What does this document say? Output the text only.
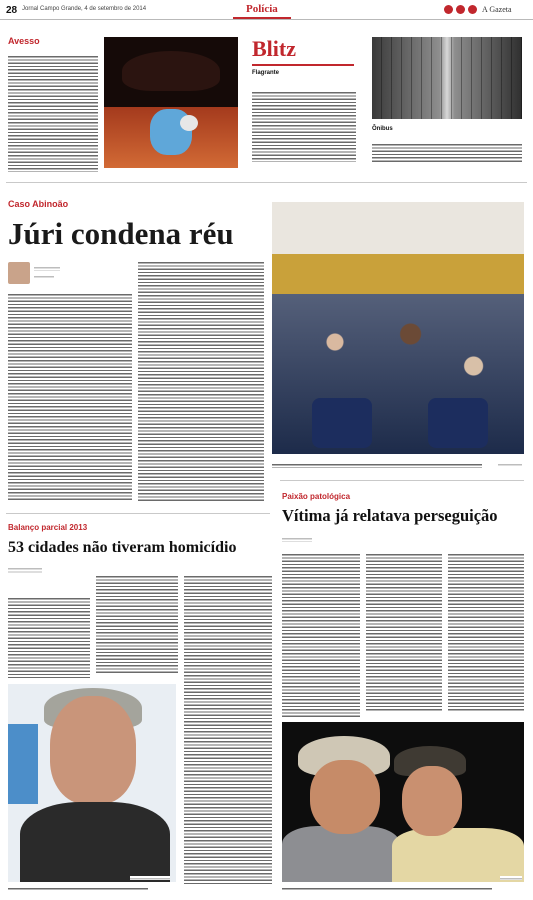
28 Jornal Campo Grande, 4 de setembro de 2014	Polícia	A Gazeta
Avesso	Blitz
Flagrante
Ônibus
Caso Abinoão
Júri condena réu
Balanço parcial 2013
53 cidades não tiveram homicídio
Paixão patológica
Vítima já relatava perseguição
